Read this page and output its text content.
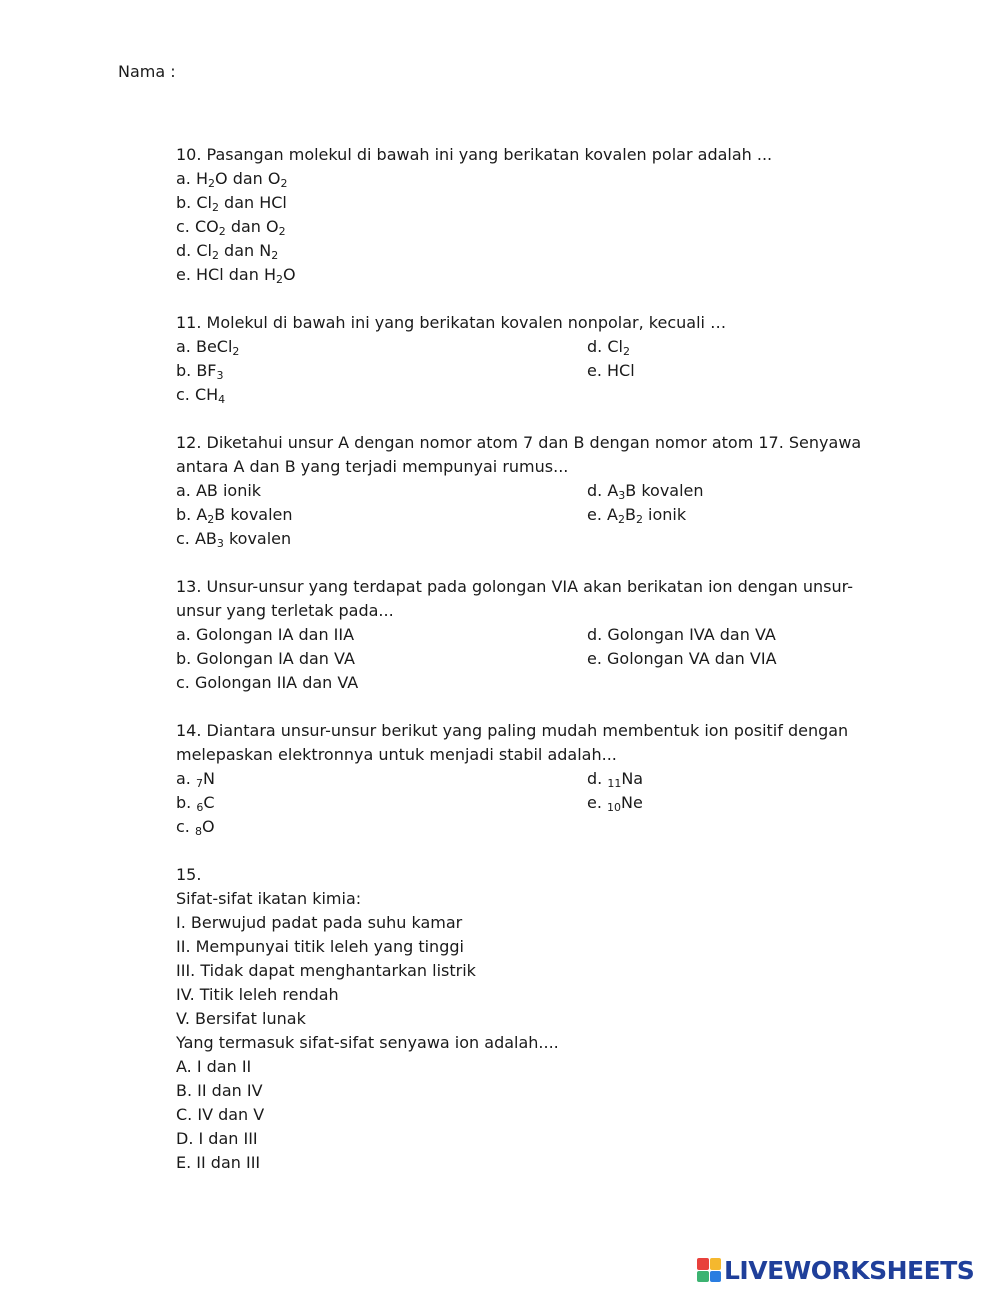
Nama :
10. Pasangan molekul di bawah ini yang berikatan kovalen polar adalah ...
a. $H_2O$ dan $O_2$
b. $Cl_2$ dan HCl
c. $CO_2$ dan $O_2$
d. $Cl_2$ dan $N_2$
e. HCl dan $H_2O$
11. Molekul di bawah ini yang berikatan kovalen nonpolar, kecuali …
a. BeCl$_2$	d. $Cl_2$
b. $BF_3$	e. HCl
c. $CH_4$
12. Diketahui unsur A dengan nomor atom 7 dan B dengan nomor atom 17. Senyawa
antara A dan B yang terjadi mempunyai rumus...
a. AB ionik	d. $A_3B$ kovalen
b. $A_2B$ kovalen	e. $A_2B_2$ ionik
c. $AB_3$ kovalen
13. Unsur-unsur yang terdapat pada golongan VIA akan berikatan ion dengan unsur-
unsur yang terletak pada...
a. Golongan IA dan IIA	d. Golongan IVA dan VA
b. Golongan IA dan VA	e. Golongan VA dan VIA
c. Golongan IIA dan VA
14. Diantara unsur-unsur berikut yang paling mudah membentuk ion positif dengan
melepaskan elektronnya untuk menjadi stabil adalah...
a. 7N	d. 11Na
b. 6C	e. 10Ne
c. 8O
15.
Sifat-sifat ikatan kimia:
I. Berwujud padat pada suhu kamar
II. Mempunyai titik leleh yang tinggi
III. Tidak dapat menghantarkan listrik
IV. Titik leleh rendah
V. Bersifat lunak
Yang termasuk sifat-sifat senyawa ion adalah....
A. I dan II
B. II dan IV
C. IV dan V
D. I dan III
E. II dan III
LIVEWORKSHEETS
